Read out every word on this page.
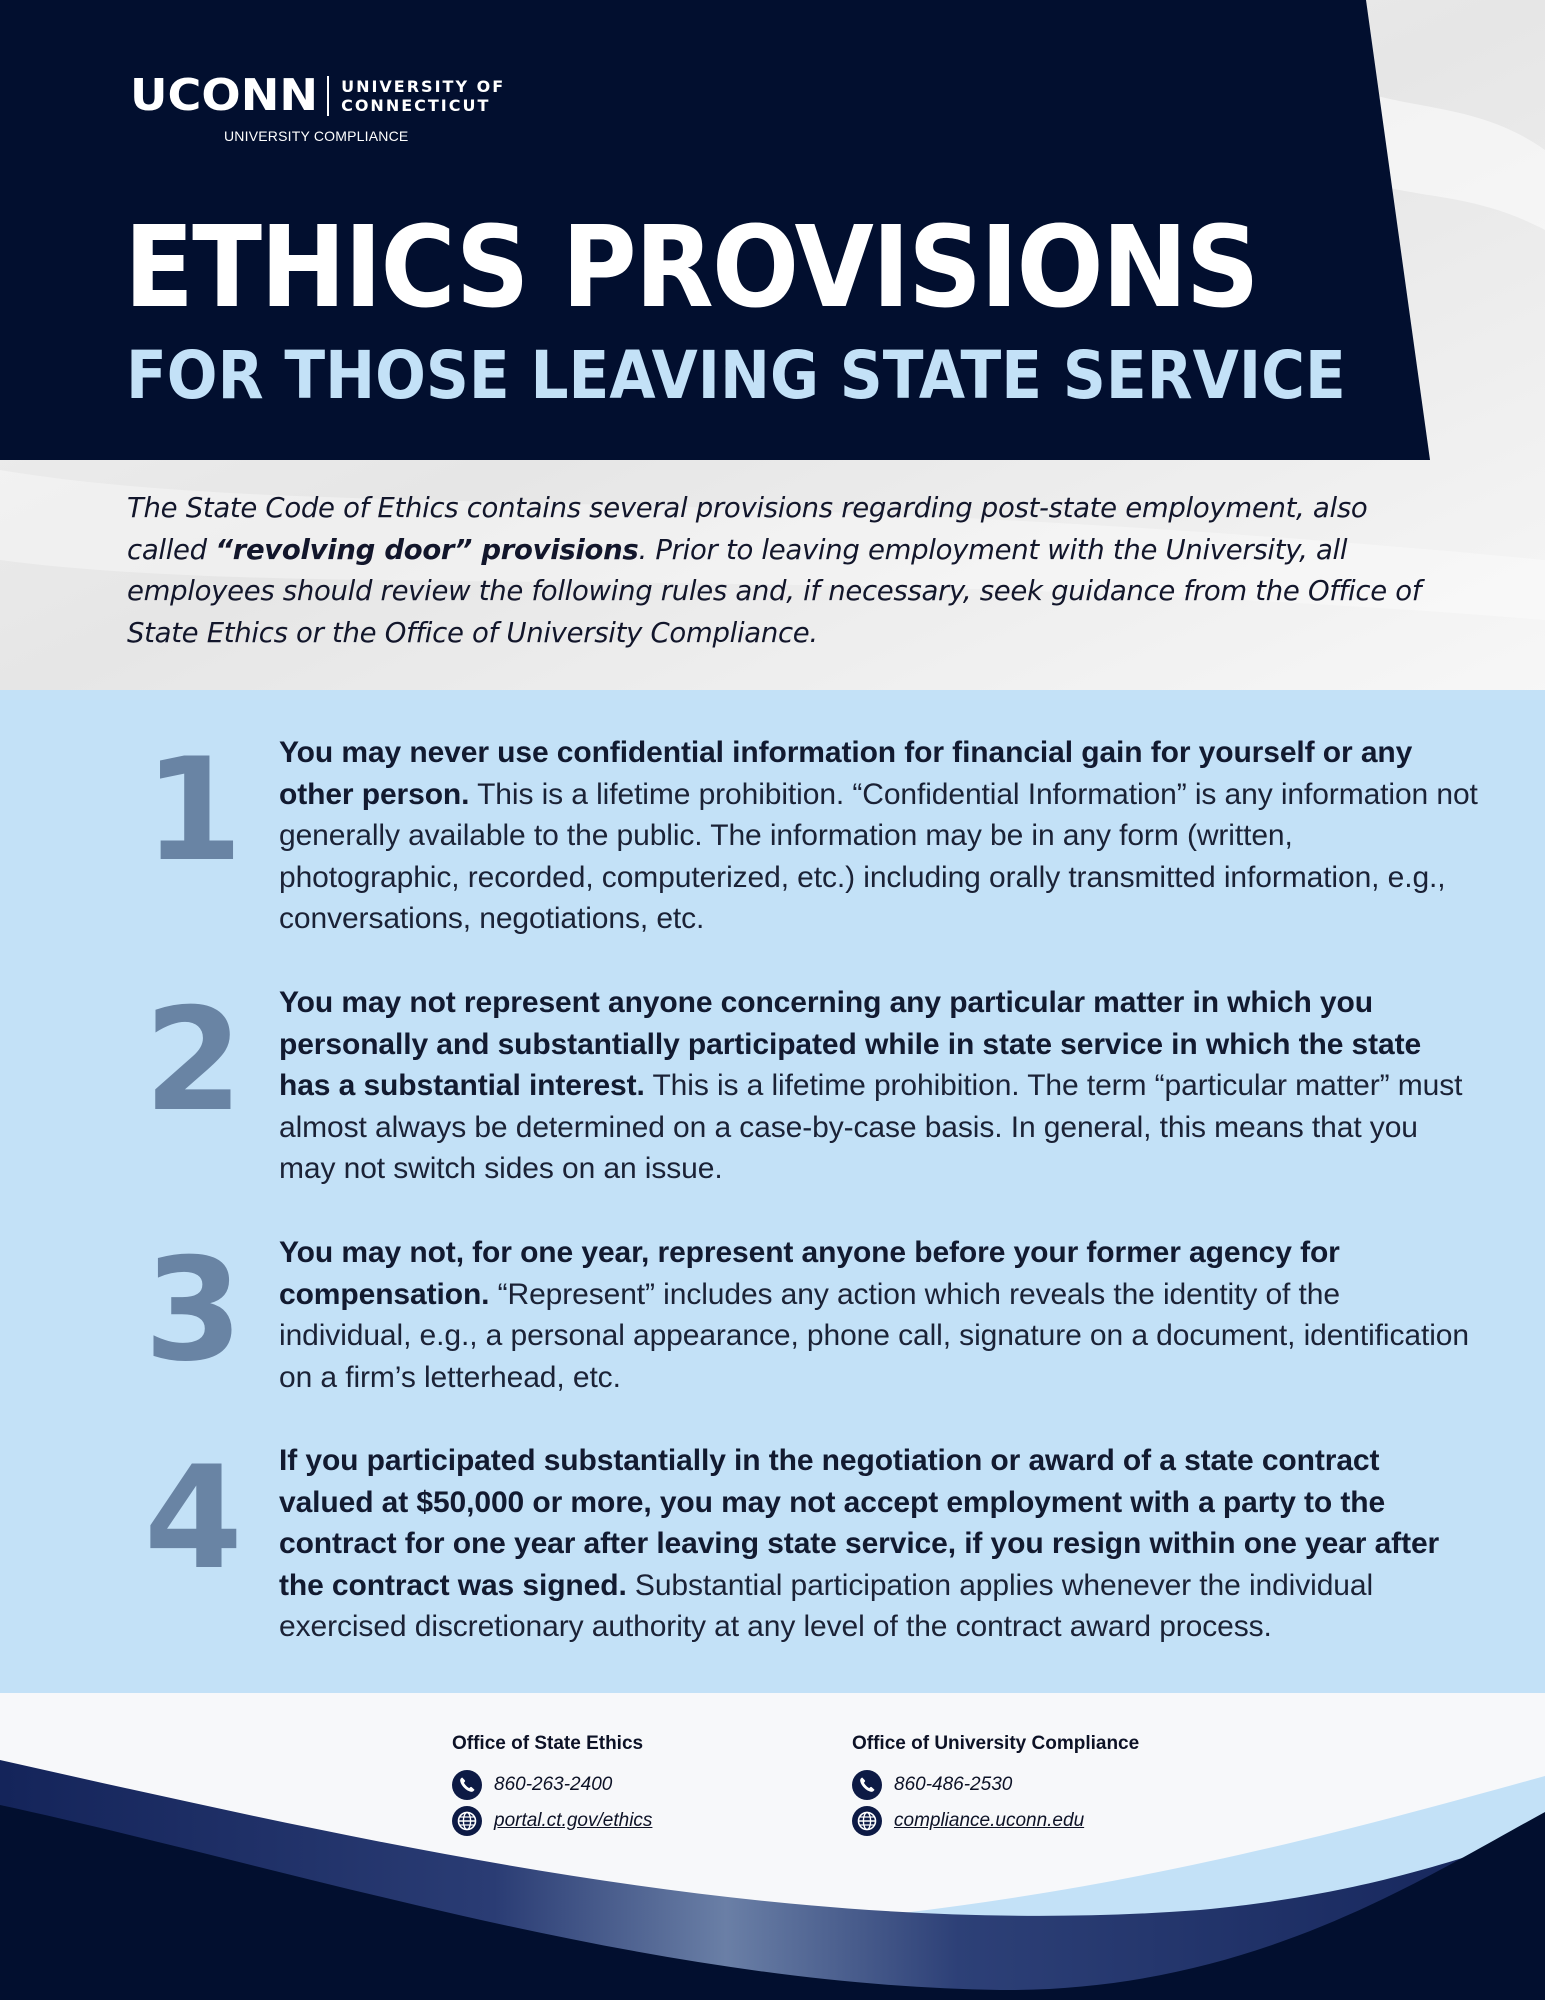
UCONN UNIVERSITY OF
CONNECTICUT
UNIVERSITY COMPLIANCE
ETHICS PROVISIONS
FOR THOSE LEAVING STATE SERVICE
The State Code of Ethics contains several provisions regarding post-state employment, also called “revolving door” provisions. Prior to leaving employment with the University, all employees should review the following rules and, if necessary, seek guidance from the Office of State Ethics or the Office of University Compliance.
1 You may never use confidential information for financial gain for yourself or any other person. This is a lifetime prohibition. “Confidential Information” is any information not generally available to the public. The information may be in any form (written, photographic, recorded, computerized, etc.) including orally transmitted information, e.g., conversations, negotiations, etc.
2 You may not represent anyone concerning any particular matter in which you personally and substantially participated while in state service in which the state has a substantial interest. This is a lifetime prohibition. The term “particular matter” must almost always be determined on a case-by-case basis. In general, this means that you may not switch sides on an issue.
3 You may not, for one year, represent anyone before your former agency for compensation. “Represent” includes any action which reveals the identity of the individual, e.g., a personal appearance, phone call, signature on a document, identification on a firm’s letterhead, etc.
4 If you participated substantially in the negotiation or award of a state contract valued at $50,000 or more, you may not accept employment with a party to the contract for one year after leaving state service, if you resign within one year after the contract was signed. Substantial participation applies whenever the individual exercised discretionary authority at any level of the contract award process.
Office of State Ethics
860-263-2400
portal.ct.gov/ethics
Office of University Compliance
860-486-2530
compliance.uconn.edu
